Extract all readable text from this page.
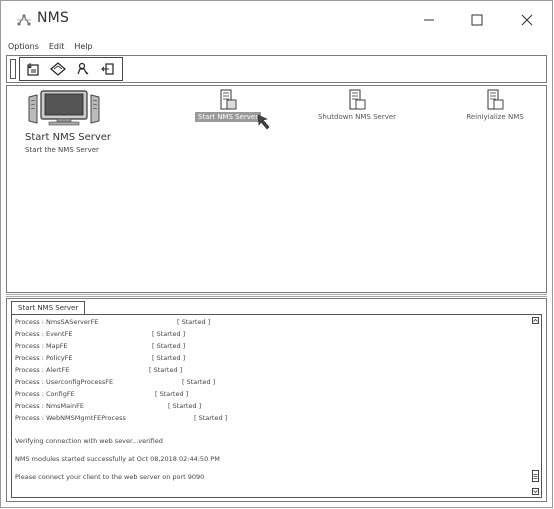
NMS
Options	Edit	Help
Start NMS Server	Shutdown NMS Server	Reiniyialize NMS
Start NMS Server
Start the NMS Server
Start NMS Server
Process : NmsSAServerFE	[ Started ]
Process : EventFE	[ Started ]
Process : MapFE	[ Started ]
Process : PolicyFE	[ Started ]
Process : AlertFE	[ Started ]
Process : UserconfigProcessFE	[ Started ]
Process : ConfigFE	[ Started ]
Process : NmsMainFE	[ Started ]
Process : WebNMSMgmtFEProcess	[ Started ]
Verifying connection with web sever...verified
NMS modules started successfully at Oct 08,2018 02:44:50 PM
Please connect your client to the web server on port 9090
